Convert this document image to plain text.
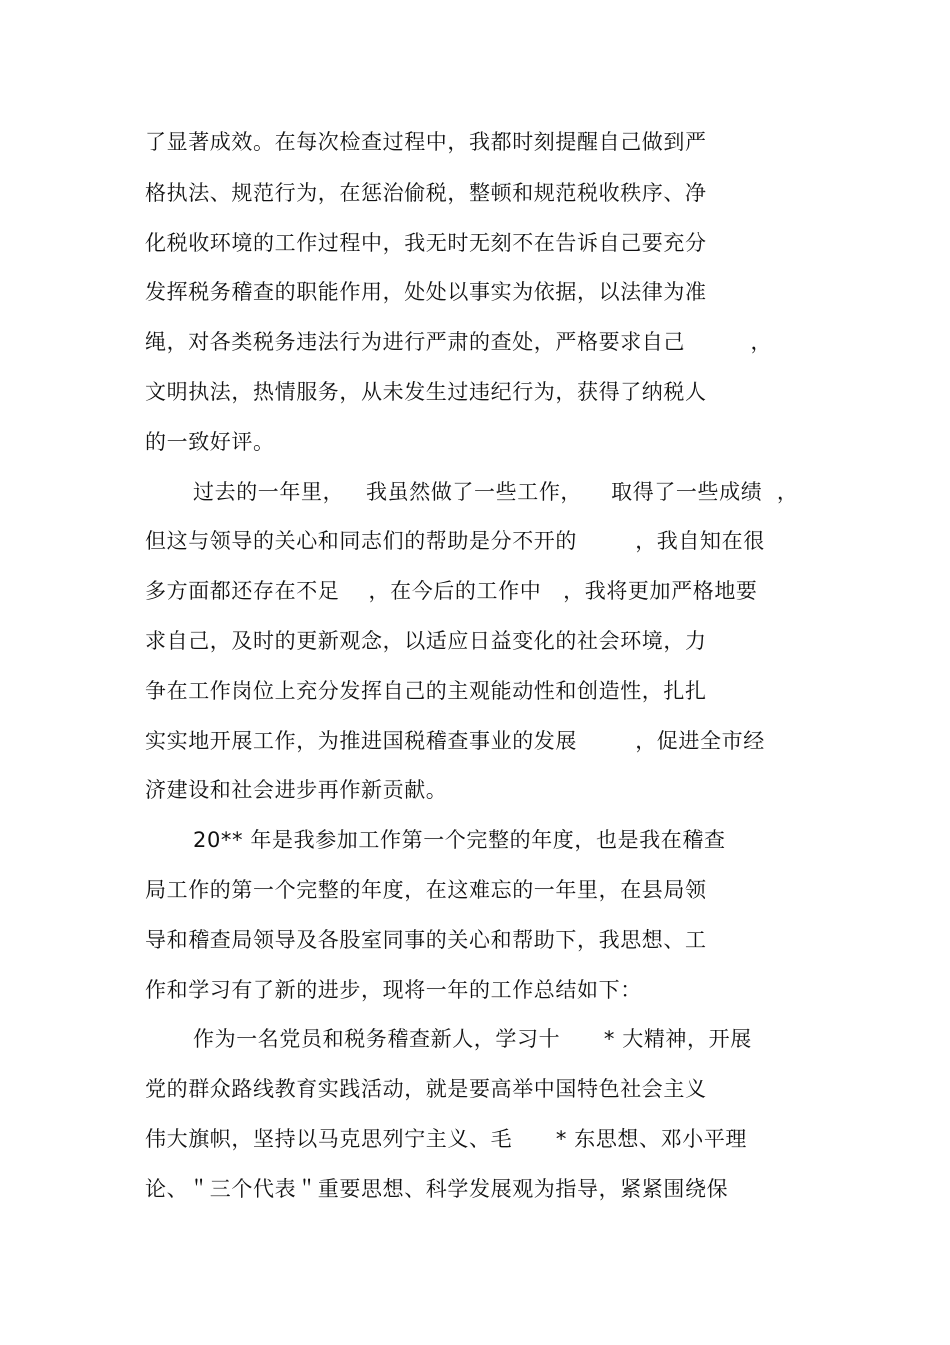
了显著成效。在每次检查过程中，我都时刻提醒自己做到严
格执法、规范行为，在惩治偷税，整顿和规范税收秩序、净
化税收环境的工作过程中，我无时无刻不在告诉自己要充分
发挥税务稽查的职能作用，处处以事实为依据，以法律为准
绳，对各类税务违法行为进行严肃的查处，严格要求自己         ，
文明执法，热情服务，从未发生过违纪行为，获得了纳税人
的一致好评。
过去的一年里，   我虽然做了一些工作，    取得了一些成绩  ，
但这与领导的关心和同志们的帮助是分不开的        ，我自知在很
多方面都还存在不足    ，在今后的工作中   ，我将更加严格地要
求自己，及时的更新观念，以适应日益变化的社会环境，力
争在工作岗位上充分发挥自己的主观能动性和创造性，扎扎
实实地开展工作，为推进国税稽查事业的发展        ，促进全市经
济建设和社会进步再作新贡献。
20** 年是我参加工作第一个完整的年度，也是我在稽查
局工作的第一个完整的年度，在这难忘的一年里，在县局领
导和稽查局领导及各股室同事的关心和帮助下，我思想、工
作和学习有了新的进步，现将一年的工作总结如下：
作为一名党员和税务稽查新人，学习十      * 大精神，开展
党的群众路线教育实践活动，就是要高举中国特色社会主义
伟大旗帜，坚持以马克思列宁主义、毛      * 东思想、邓小平理
论、＂三个代表＂重要思想、科学发展观为指导，紧紧围绕保
